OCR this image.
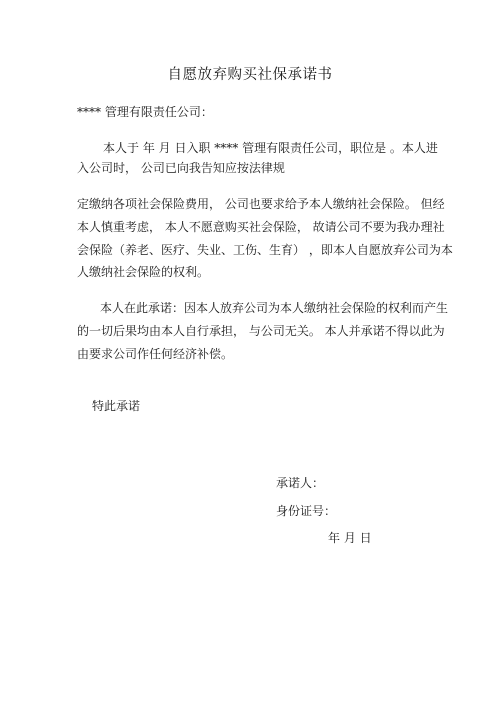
自愿放弃购买社保承诺书
**** 管理有限责任公司：
本人于 年 月 日入职 **** 管理有限责任公司，职位是 。本人进
入公司时， 公司已向我告知应按法律规
定缴纳各项社会保险费用， 公司也要求给予本人缴纳社会保险。 但经
本人慎重考虑， 本人不愿意购买社会保险， 故请公司不要为我办理社
会保险（养老、医疗、失业、工伤、生育） ，即本人自愿放弃公司为本
人缴纳社会保险的权利。
本人在此承诺：因本人放弃公司为本人缴纳社会保险的权利而产生
的一切后果均由本人自行承担， 与公司无关。 本人并承诺不得以此为
由要求公司作任何经济补偿。
特此承诺
承诺人：
身份证号：
年 月 日
